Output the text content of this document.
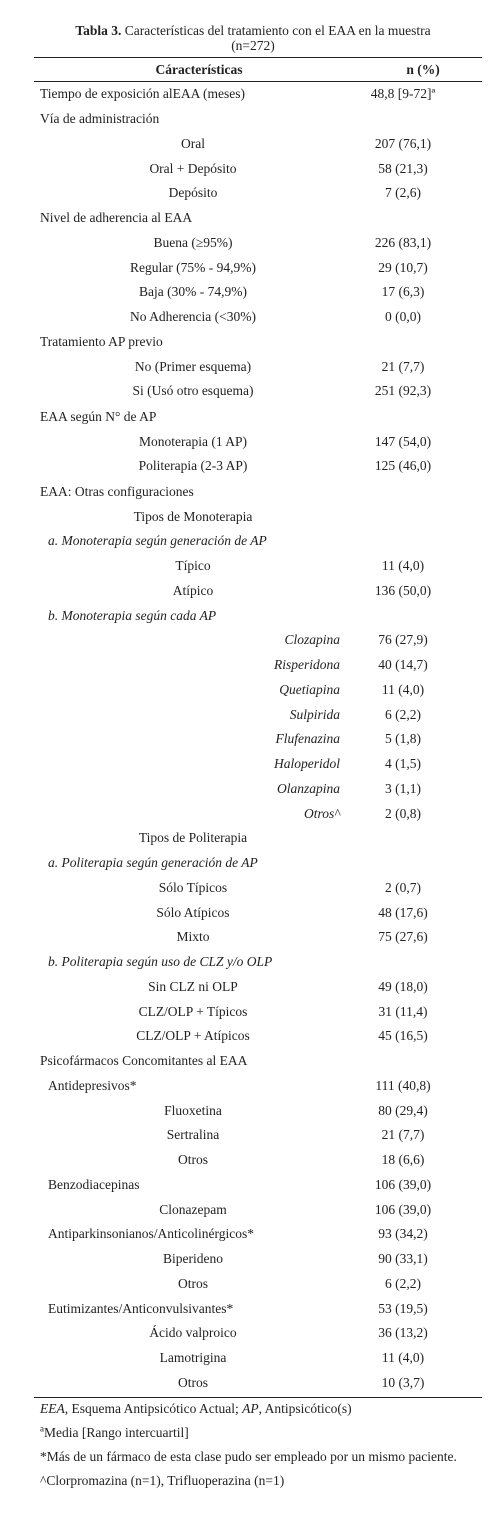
Tabla 3. Características del tratamiento con el EAA en la muestra
(n=272)
Cáracterísticas	n (%)
Tiempo de exposición alEAA (meses)	48,8 [9-72]ª
Vía de administración
Oral	207 (76,1)
Oral + Depósito	58 (21,3)
Depósito	7 (2,6)
Nivel de adherencia al EAA
Buena (≥95%)	226 (83,1)
Regular (75% - 94,9%)	29 (10,7)
Baja (30% - 74,9%)	17 (6,3)
No Adherencia (<30%)	0 (0,0)
Tratamiento AP previo
No (Primer esquema)	21 (7,7)
Si (Usó otro esquema)	251 (92,3)
EAA según N° de AP
Monoterapia (1 AP)	147 (54,0)
Politerapia (2-3 AP)	125 (46,0)
EAA: Otras configuraciones
Tipos de Monoterapia
a. Monoterapia según generación de AP
Típico	11 (4,0)
Atípico	136 (50,0)
b. Monoterapia según cada AP
Clozapina	76 (27,9)
Risperidona	40 (14,7)
Quetiapina	11 (4,0)
Sulpirida	6 (2,2)
Flufenazina	5 (1,8)
Haloperidol	4 (1,5)
Olanzapina	3 (1,1)
Otros^	2 (0,8)
Tipos de Politerapia
a. Politerapia según generación de AP
Sólo Típicos	2 (0,7)
Sólo Atípicos	48 (17,6)
Mixto	75 (27,6)
b. Politerapia según uso de CLZ y/o OLP
Sin CLZ ni OLP	49 (18,0)
CLZ/OLP + Típicos	31 (11,4)
CLZ/OLP + Atípicos	45 (16,5)
Psicofármacos Concomitantes al EAA
Antidepresivos*	111 (40,8)
Fluoxetina	80 (29,4)
Sertralina	21 (7,7)
Otros	18 (6,6)
Benzodiacepinas	106 (39,0)
Clonazepam	106 (39,0)
Antiparkinsonianos/Anticolinérgicos*	93 (34,2)
Biperideno	90 (33,1)
Otros	6 (2,2)
Eutimizantes/Anticonvulsivantes*	53 (19,5)
Ácido valproico	36 (13,2)
Lamotrigina	11 (4,0)
Otros	10 (3,7)

EEA, Esquema Antipsicótico Actual; AP, Antipsicótico(s)

$^a$Media [Rango intercuartil]

*Más de un fármaco de esta clase pudo ser empleado por un mismo paciente.

^Clorpromazina (n=1), Trifluoperazina (n=1)
